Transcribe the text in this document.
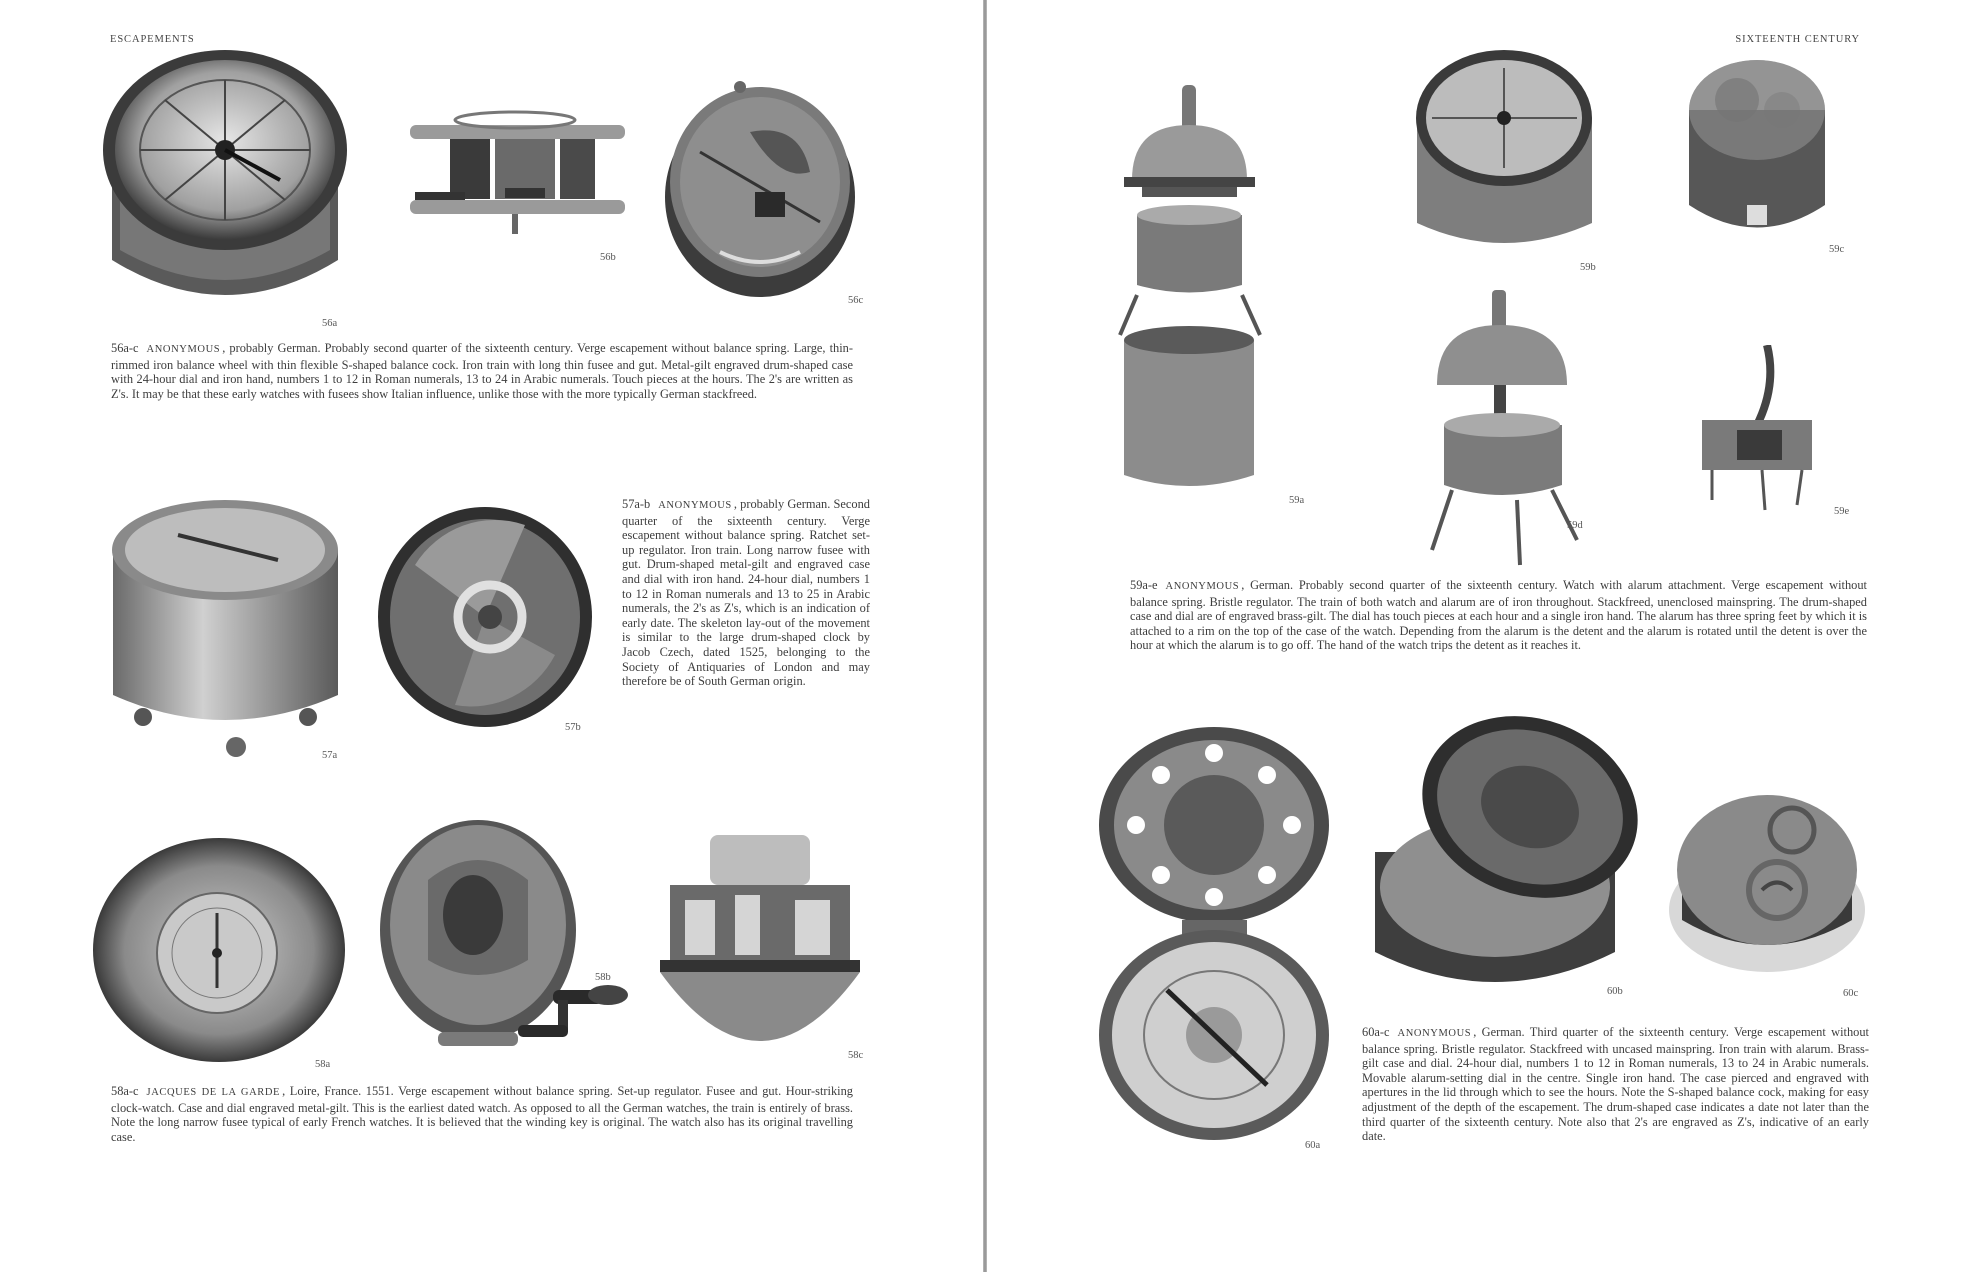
ESCAPEMENTS
56a
56b
56c
56a-c ANONYMOUS , probably German. Probably second quarter of the sixteenth century. Verge escapement without balance spring. Large, thin-rimmed iron balance wheel with thin flexible S-shaped balance cock. Iron train with long thin fusee and gut. Metal-gilt engraved drum-shaped case with 24-hour dial and iron hand, numbers 1 to 12 in Roman numerals, 13 to 24 in Arabic numerals. Touch pieces at the hours. The 2's are written as Z's. It may be that these early watches with fusees show Italian influence, unlike those with the more typically German stackfreed.
57a
57b
57a-b ANONYMOUS , probably German. Second quarter of the sixteenth century. Verge escapement without balance spring. Ratchet set-up regulator. Iron train. Long narrow fusee with gut. Drum-shaped metal-gilt and engraved case and dial with iron hand. 24-hour dial, numbers 1 to 12 in Roman numerals and 13 to 25 in Arabic numerals, the 2's as Z's, which is an indication of early date. The skeleton lay-out of the movement is similar to the large drum-shaped clock by Jacob Czech, dated 1525, belonging to the Society of Antiquaries of London and may therefore be of South German origin.
58a
58b
58c
58a-c JACQUES DE LA GARDE , Loire, France. 1551. Verge escapement without balance spring. Set-up regulator. Fusee and gut. Hour-striking clock-watch. Case and dial engraved metal-gilt. This is the earliest dated watch. As opposed to all the German watches, the train is entirely of brass. Note the long narrow fusee typical of early French watches. It is believed that the winding key is original. The watch also has its original travelling case.
SIXTEENTH CENTURY
59a
59b
59c
59d
59e
59a-e ANONYMOUS , German. Probably second quarter of the sixteenth century. Watch with alarum attachment. Verge escapement without balance spring. Bristle regulator. The train of both watch and alarum are of iron throughout. Stackfreed, unenclosed mainspring. The drum-shaped case and dial are of engraved brass-gilt. The dial has touch pieces at each hour and a single iron hand. The alarum has three spring feet by which it is attached to a rim on the top of the case of the watch. Depending from the alarum is the detent and the alarum is rotated until the detent is over the hour at which the alarum is to go off. The hand of the watch trips the detent as it reaches it.
60a
60b	60c
60a-c ANONYMOUS , German. Third quarter of the sixteenth century. Verge escapement without balance spring. Bristle regulator. Stackfreed with uncased mainspring. Iron train with alarum. Brass-gilt case and dial. 24-hour dial, numbers 1 to 12 in Roman numerals, 13 to 24 in Arabic numerals. Movable alarum-setting dial in the centre. Single iron hand. The case pierced and engraved with apertures in the lid through which to see the hours. Note the S-shaped balance cock, making for easy adjustment of the depth of the escapement. The drum-shaped case indicates a date not later than the third quarter of the sixteenth century. Note also that 2's are engraved as Z's, indicative of an early date.
